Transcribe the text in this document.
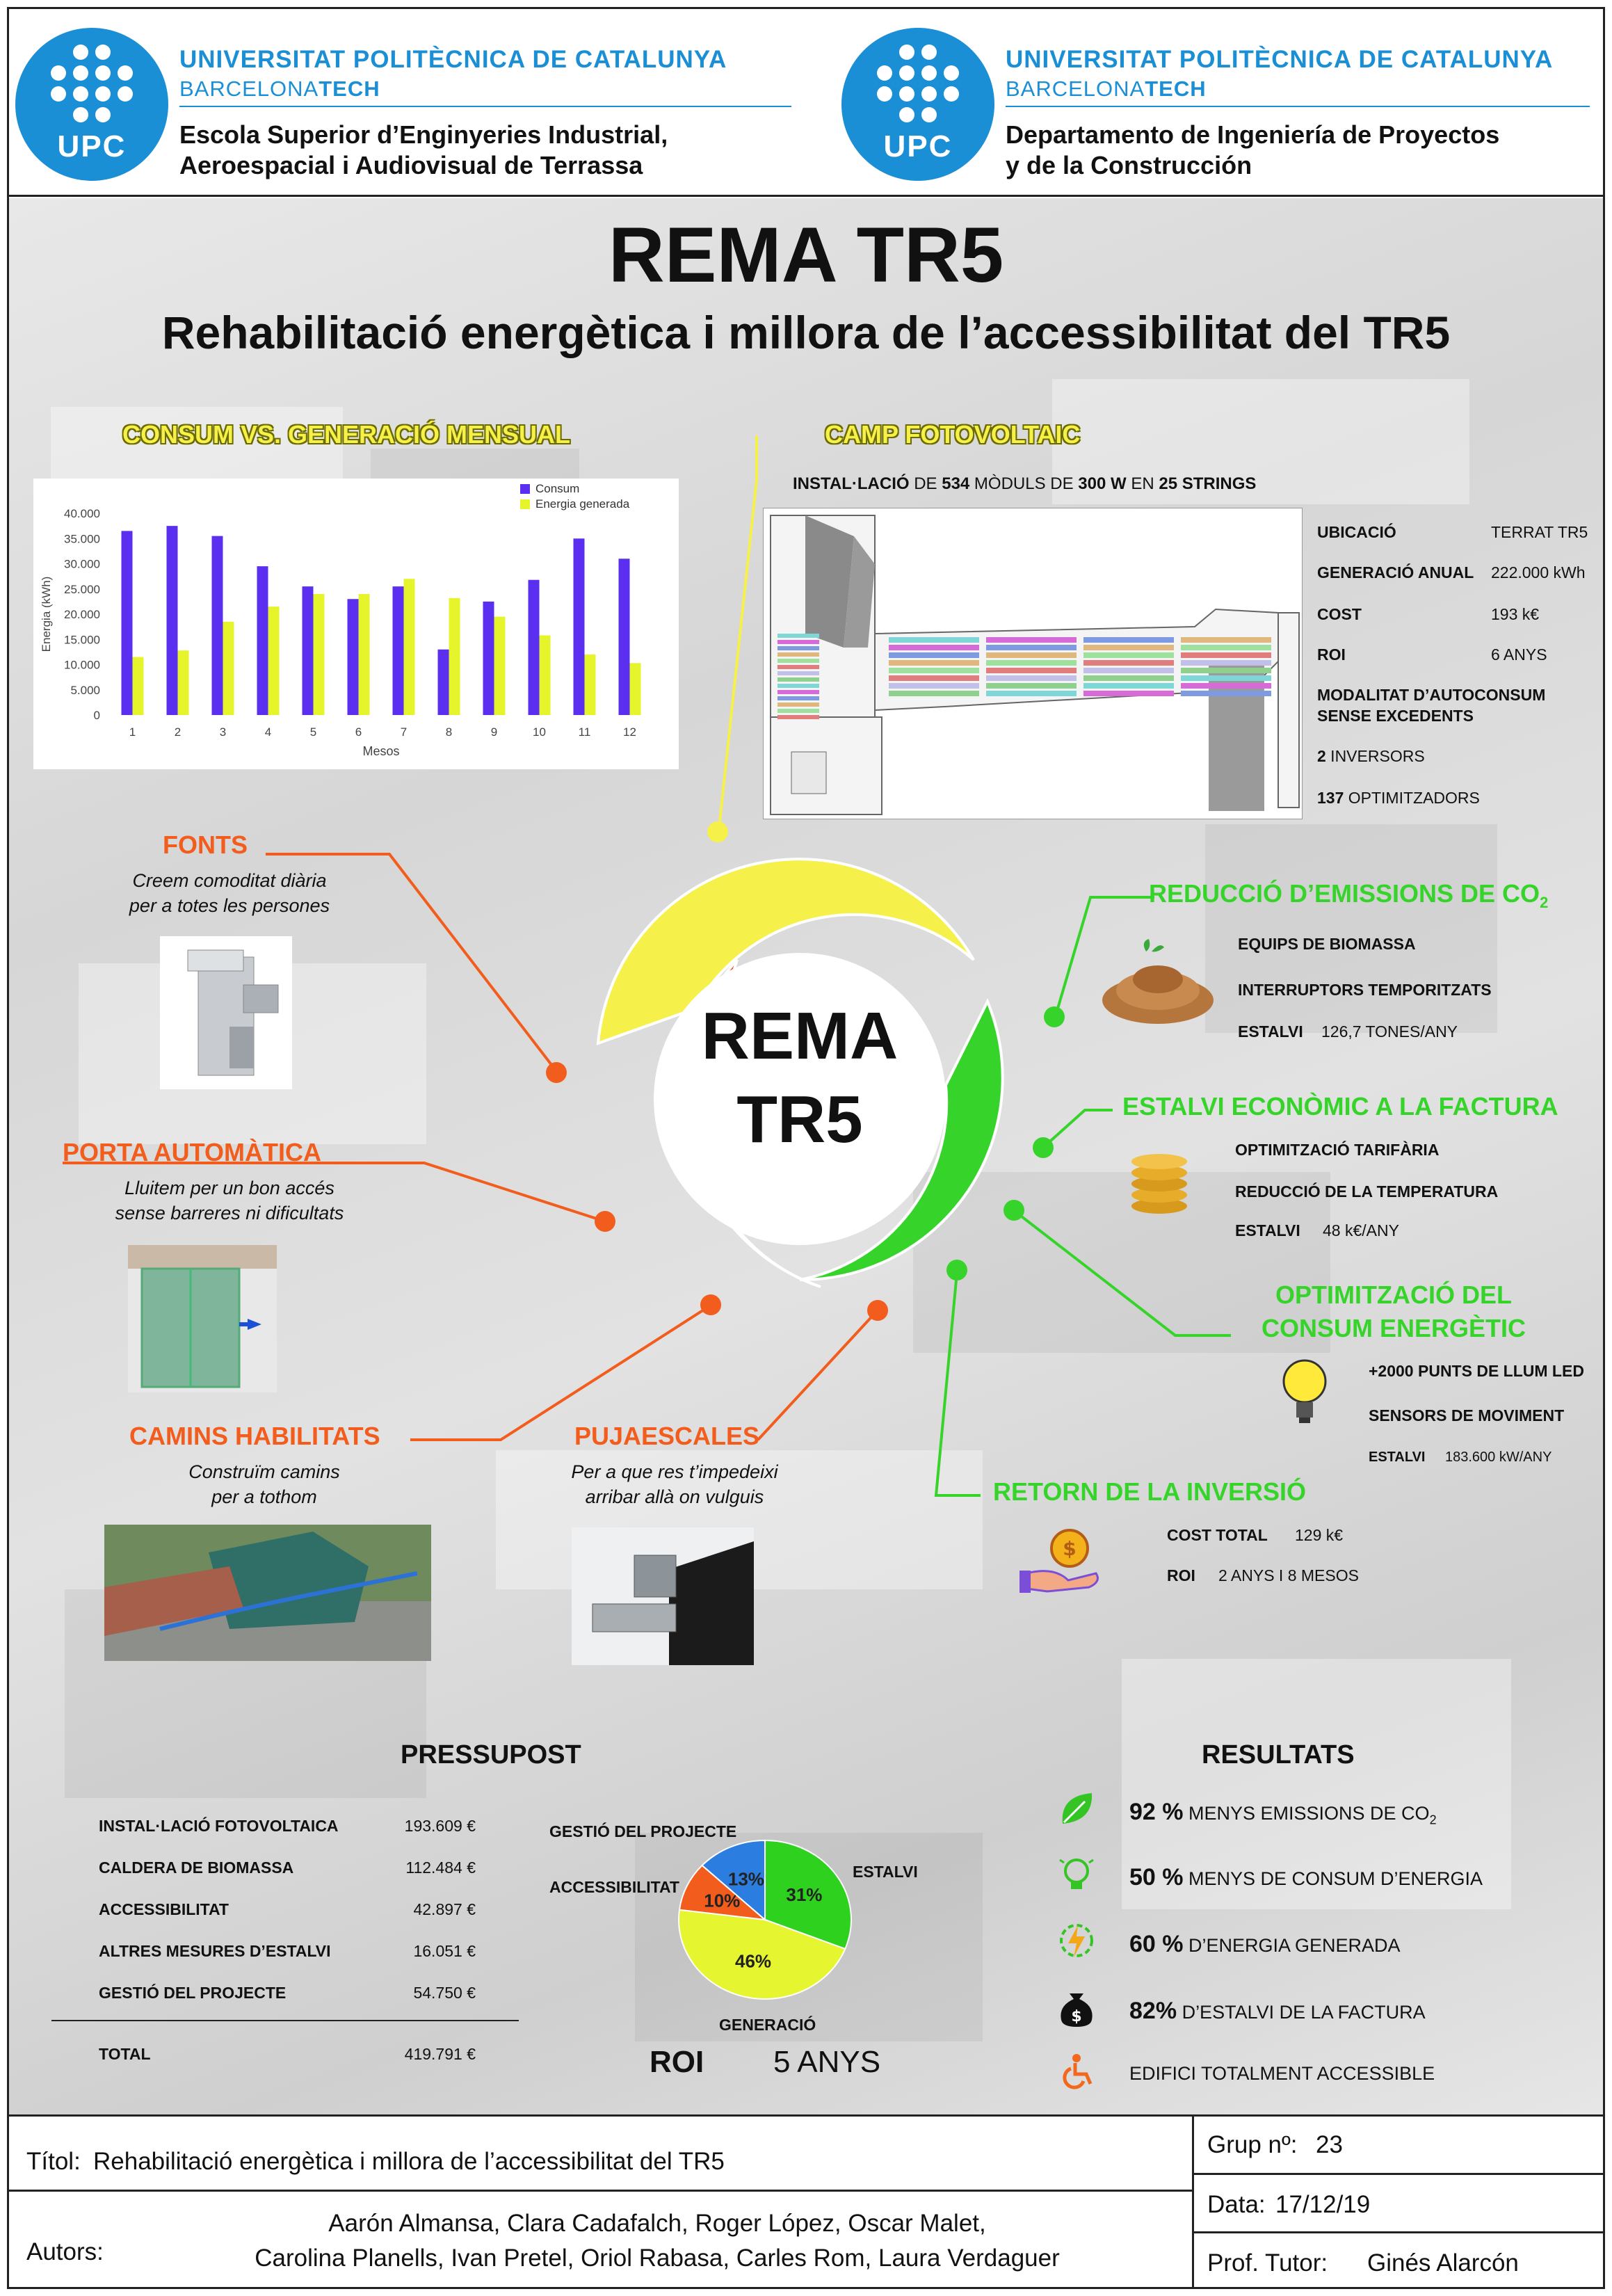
UPC
UNIVERSITAT POLITÈCNICA DE CATALUNYA
BARCELONATECH
Escola Superior d’Enginyeries Industrial,
Aeroespacial i Audiovisual de Terrassa
UPC
UNIVERSITAT POLITÈCNICA DE CATALUNYA
BARCELONATECH
Departamento de Ingeniería de Proyectos
y de la Construcción
REMA TR5
Rehabilitació energètica i millora de l’accessibilitat del TR5
CONSUM VS. GENERACIÓ MENSUAL
0
5.000
10.000
15.000
20.000
25.000
30.000
35.000
40.000
1	2	3	4	5	6	7	8	9	10	11	12
Mesos
Energia (kWh)
Consum
Energia generada
CAMP FOTOVOLTAIC
INSTAL·LACIÓ DE 534 MÒDULS DE 300 W EN 25 STRINGS
UBICACIÓ	TERRAT TR5
GENERACIÓ ANUAL 222.000 kWh
COST	193 k€
ROI	6 ANYS
MODALITAT D’AUTOCONSUM
SENSE EXCEDENTS
2 INVERSORS
137 OPTIMITZADORS
REMA
TR5
FONTS
Creem comoditat diària
per a totes les persones
PORTA AUTOMÀTICA
Lluitem per un bon accés
sense barreres ni dificultats
CAMINS HABILITATS
Construïm camins
per a tothom
PUJAESCALES
Per a que res t’impedeixi
arribar allà on vulguis
REDUCCIÓ D’EMISSIONS DE $CO_2$
EQUIPS DE BIOMASSA
INTERRUPTORS TEMPORITZATS
ESTALVI 126,7 TONES/ANY
ESTALVI ECONÒMIC A LA FACTURA
OPTIMITZACIÓ TARIFÀRIA
REDUCCIÓ DE LA TEMPERATURA
ESTALVI 48 k€/ANY
OPTIMITZACIÓ DEL
CONSUM ENERGÈTIC
+2000 PUNTS DE LLUM LED
SENSORS DE MOVIMENT
ESTALVI 183.600 kW/ANY
RETORN DE LA INVERSIÓ
$
COST TOTAL 129 k€
ROI 2 ANYS I 8 MESOS
PRESSUPOST
INSTAL·LACIÓ FOTOVOLTAICA	193.609 €
CALDERA DE BIOMASSA	112.484 €
ACCESSIBILITAT	42.897 €
ALTRES MESURES D’ESTALVI	16.051 €
GESTIÓ DEL PROJECTE	54.750 €
TOTAL	419.791 €
GESTIÓ DEL PROJECTE
ACCESSIBILITAT
ESTALVI
GENERACIÓ
31%
46%
10%
13%
ROI 5 ANYS
RESULTATS
92 % MENYS EMISSIONS DE $CO_2$
50 % MENYS DE CONSUM D’ENERGIA
60 % D’ENERGIA GENERADA
$ 82% D’ESTALVI DE LA FACTURA
EDIFICI TOTALMENT ACCESSIBLE
Títol: Rehabilitació energètica i millora de l’accessibilitat del TR5
Grup nº: 23
Data: 17/12/19
Autors:
Aarón Almansa, Clara Cadafalch, Roger López, Oscar Malet,
Carolina Planells, Ivan Pretel, Oriol Rabasa, Carles Rom, Laura Verdaguer	Prof. Tutor: Ginés Alarcón
